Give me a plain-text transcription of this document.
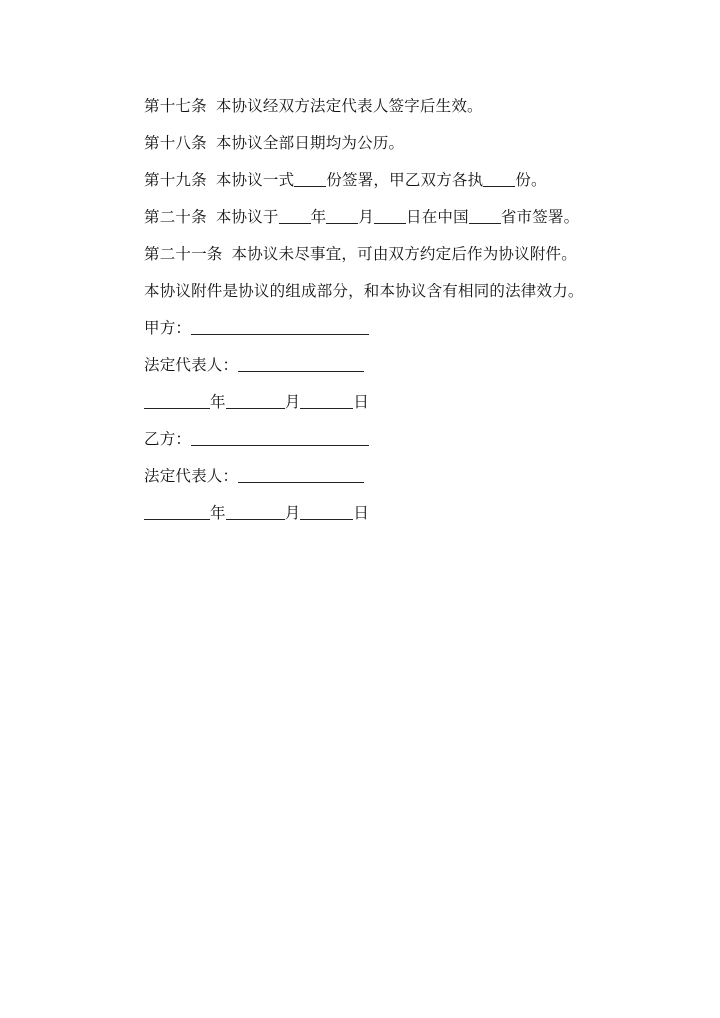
第十七条 本协议经双方法定代表人签字后生效。
第十八条 本协议全部日期均为公历。
第十九条 本协议一式 份签署，甲乙双方各执 份。
第二十条 本协议于 年 月 日在中国 省市签署。
第二十一条 本协议未尽事宜，可由双方约定后作为协议附件。
本协议附件是协议的组成部分，和本协议含有相同的法律效力。
甲方：
法定代表人：
年	月	日
乙方：
法定代表人：
年	月	日
